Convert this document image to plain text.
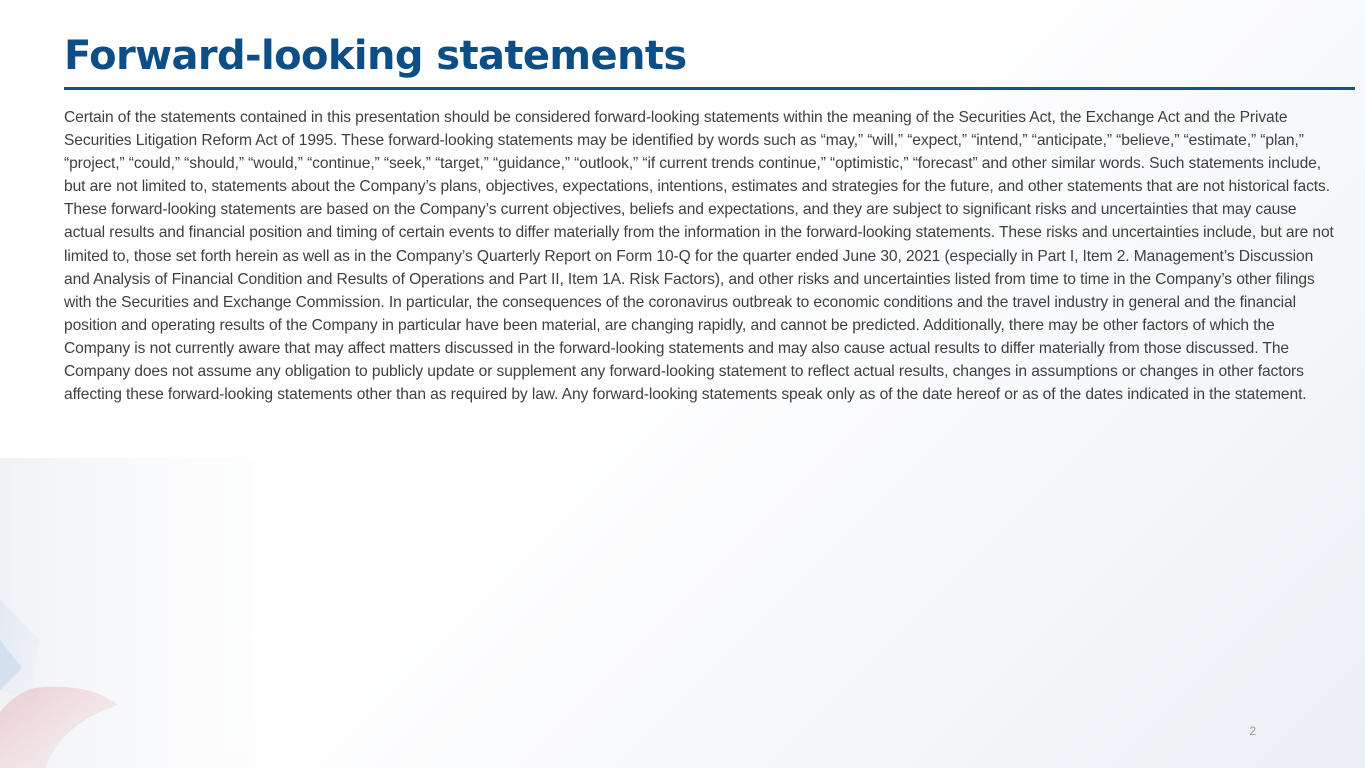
Forward-looking statements

Certain of the statements contained in this presentation should be considered forward-looking statements within the meaning of the Securities Act, the Exchange Act and the Private Securities Litigation Reform Act of 1995. These forward-looking statements may be identified by words such as “may,” “will,” “expect,” “intend,” “anticipate,” “believe,” “estimate,” “plan,” “project,” “could,” “should,” “would,” “continue,” “seek,” “target,” “guidance,” “outlook,” “if current trends continue,” “optimistic,” “forecast” and other similar words. Such statements include, but are not limited to, statements about the Company’s plans, objectives, expectations, intentions, estimates and strategies for the future, and other statements that are not historical facts. These forward-looking statements are based on the Company’s current objectives, beliefs and expectations, and they are subject to significant risks and uncertainties that may cause actual results and financial position and timing of certain events to differ materially from the information in the forward-looking statements. These risks and uncertainties include, but are not limited to, those set forth herein as well as in the Company’s Quarterly Report on Form 10-Q for the quarter ended June 30, 2021 (especially in Part I, Item 2. Management’s Discussion and Analysis of Financial Condition and Results of Operations and Part II, Item 1A. Risk Factors), and other risks and uncertainties listed from time to time in the Company’s other filings with the Securities and Exchange Commission. In particular, the consequences of the coronavirus outbreak to economic conditions and the travel industry in general and the financial position and operating results of the Company in particular have been material, are changing rapidly, and cannot be predicted. Additionally, there may be other factors of which the Company is not currently aware that may affect matters discussed in the forward-looking statements and may also cause actual results to differ materially from those discussed. The Company does not assume any obligation to publicly update or supplement any forward-looking statement to reflect actual results, changes in assumptions or changes in other factors affecting these forward-looking statements other than as required by law. Any forward-looking statements speak only as of the date hereof or as of the dates indicated in the statement.

2
